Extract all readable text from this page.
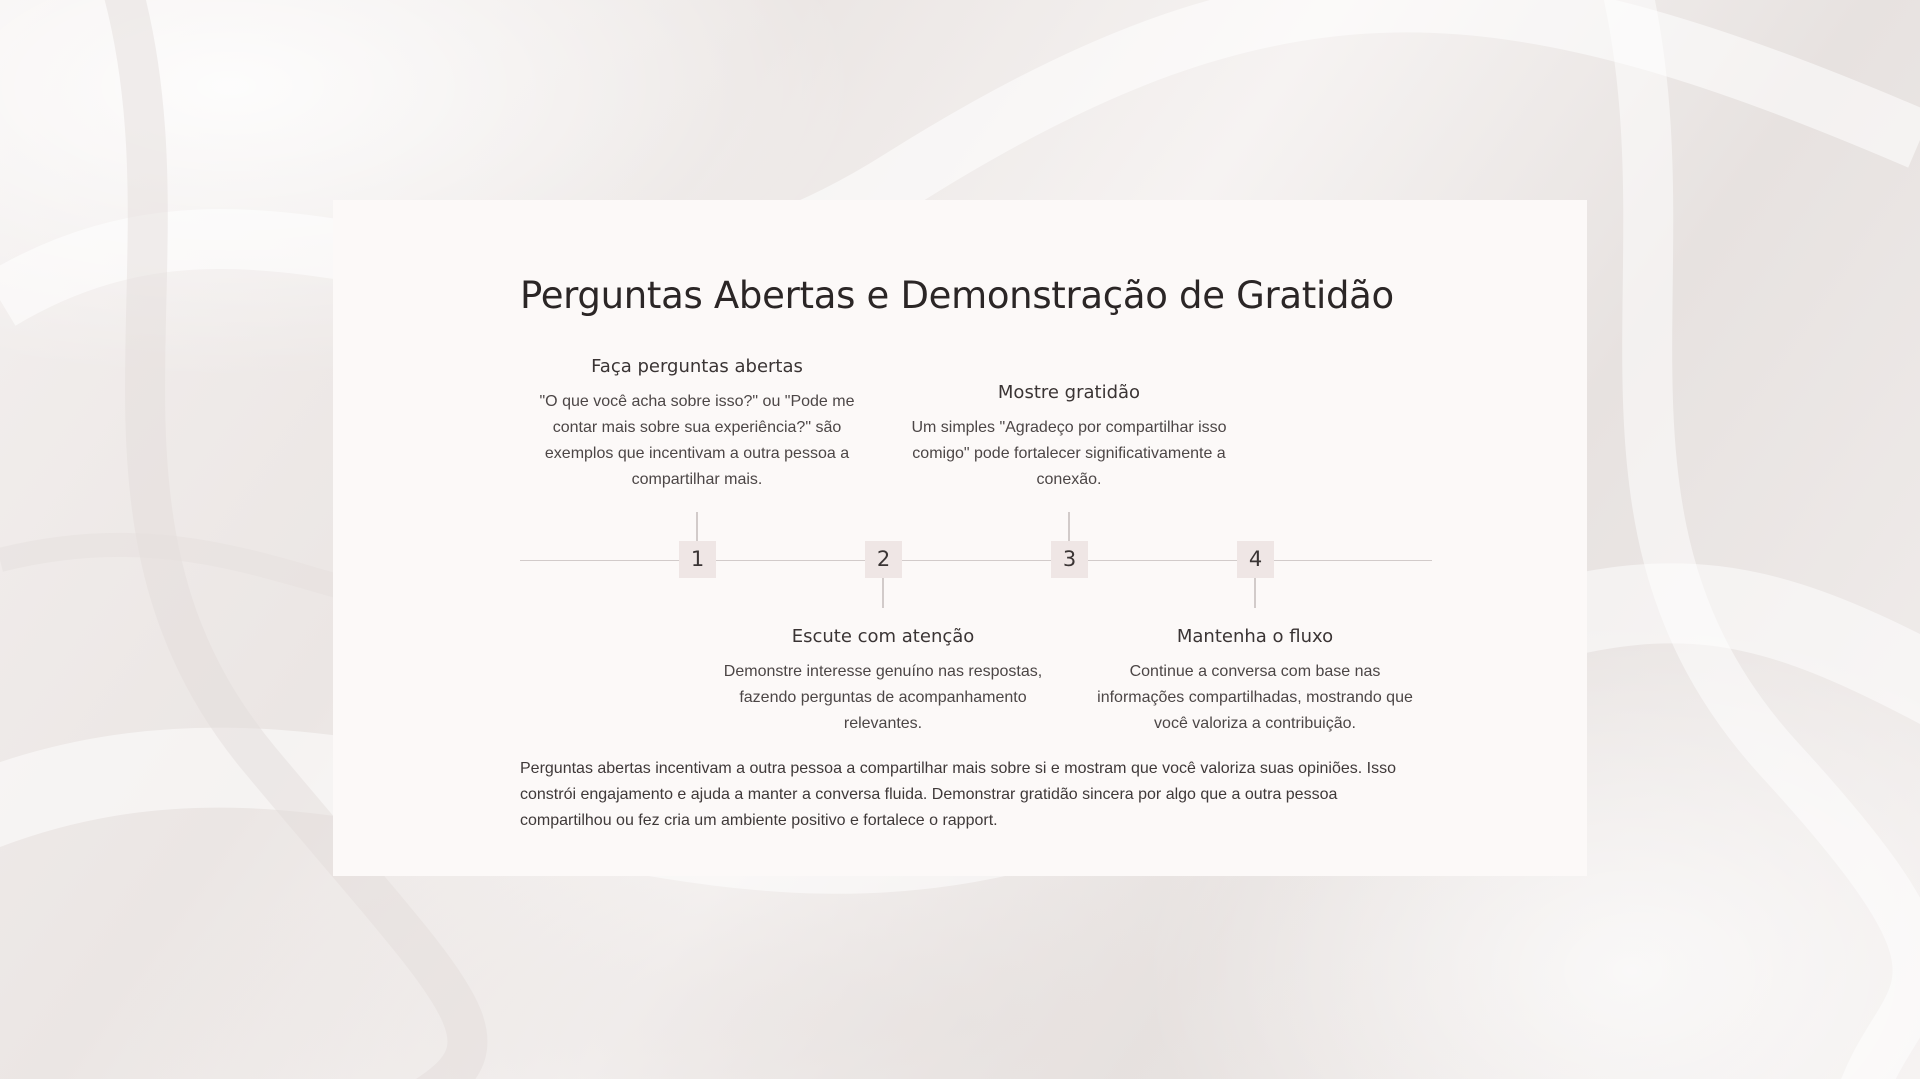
Perguntas Abertas e Demonstração de Gratidão
Faça perguntas abertas

"O que você acha sobre isso?" ou "Pode me contar mais sobre sua experiência?" são exemplos que incentivam a outra pessoa a compartilhar mais.

Mostre gratidão

Um simples "Agradeço por compartilhar isso comigo" pode fortalecer significativamente a conexão.

1	2	3	4
Escute com atenção

Demonstre interesse genuíno nas respostas, fazendo perguntas de acompanhamento relevantes.

Mantenha o fluxo

Continue a conversa com base nas informações compartilhadas, mostrando que você valoriza a contribuição.

Perguntas abertas incentivam a outra pessoa a compartilhar mais sobre si e mostram que você valoriza suas opiniões. Isso constrói engajamento e ajuda a manter a conversa fluida. Demonstrar gratidão sincera por algo que a outra pessoa compartilhou ou fez cria um ambiente positivo e fortalece o rapport.
